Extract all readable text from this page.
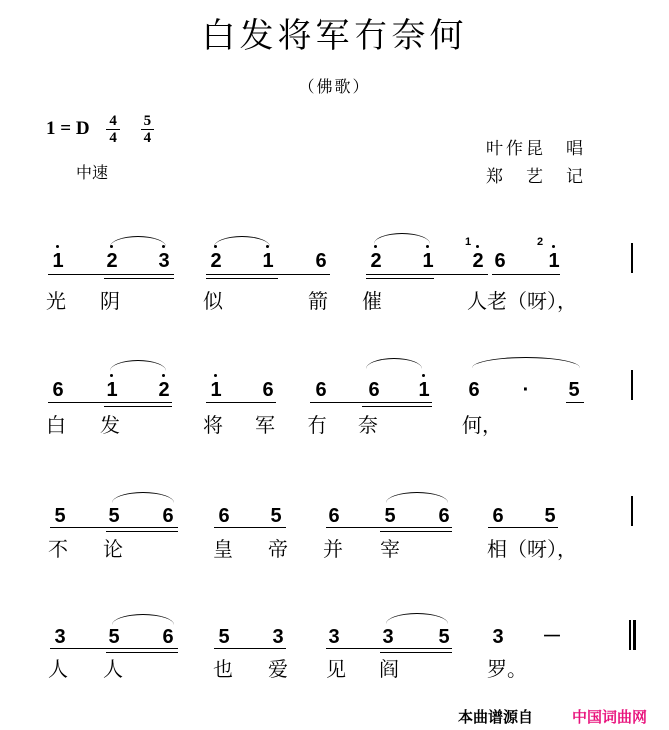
白发将军冇奈何
（佛歌）
1 = D $\frac{4}{4}$
$\frac{5}{4}$
中速
叶作昆　唱
郑　艺　记
1 2 3 2 1 6 2 1 2 6 1
1	2
光 阴	似	箭 催	人老（呀），
6 1 2 1 6 6 6 1 6 · 5
白 发	将 军 冇 奈	何，
5 5 6 6 5 6 5 6 6 5
不 论	皇 帝 并 宰	相（呀），
3 5 6 5 3 3 3 5 3 －
人 人	也 爱 见 阎	罗。
本曲谱源自	中国词曲网
